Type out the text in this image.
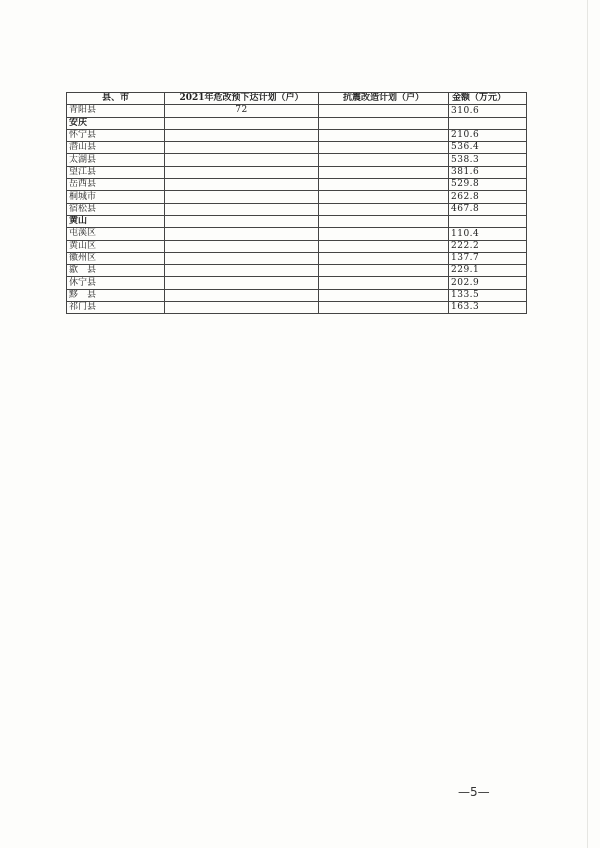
县、市	2021年危改预下达计划（户）	抗震改造计划（户）	金额（万元）
青阳县	72		310.6
安庆			
怀宁县			210.6
潜山县			536.4
太湖县			538.3
望江县			381.6
岳西县			529.8
桐城市			262.8
宿松县			467.8
黄山			
屯溪区			110.4
黄山区			222.2
徽州区			137.7
歙　县			229.1
休宁县			202.9
黟　县			133.5
祁门县			163.3
—5—
